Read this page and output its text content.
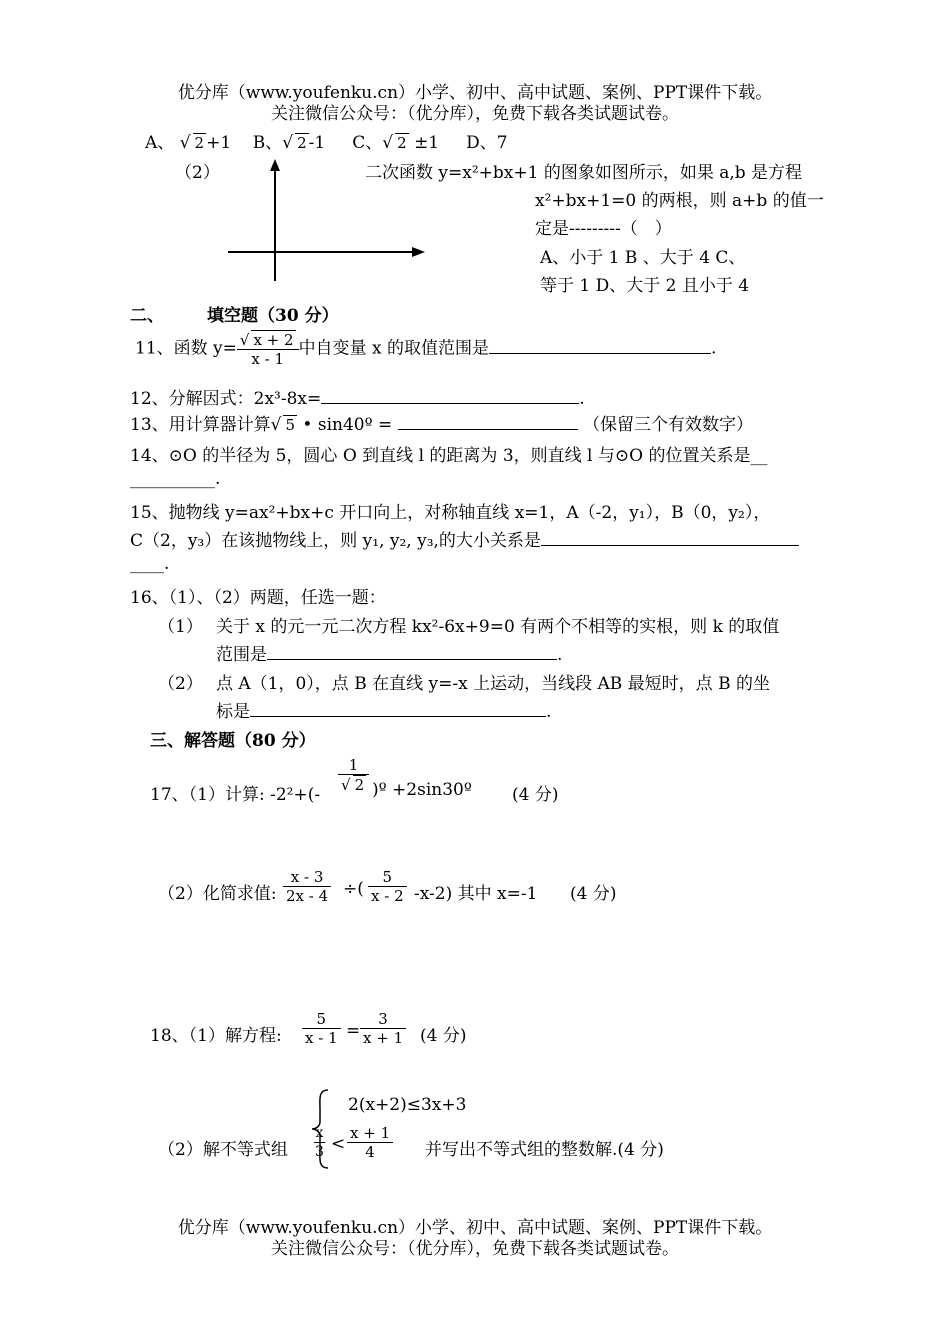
优分库（www.youfenku.cn）小学、初中、高中试题、案例、PPT课件下载。
关注微信公众号：（优分库），免费下载各类试题试卷。
A、 √ 2 +1 B、√ 2 -1 C、√ 2 ±1 D、7
（2）	二次函数 y=x²+bx+1 的图象如图所示，如果 a,b 是方程
x²+bx+1=0 的两根，则 a+b 的值一
定是---------（　）
A、小于 1 B 、大于 4 C、
等于 1 D、大于 2 且小于 4
二、	填空题（30 分）
11、函数 $y= \frac{√ x + 2}{x - 1}$ 中自变量 x 的取值范围是	.
12、分解因式：2x³-8x=	.
13、用计算器计算√ 5 • sin40º =	（保留三个有效数字）
14、⊙O 的半径为 5，圆心 O 到直线 l 的距离为 3，则直线 l 与⊙O 的位置关系是__
__________.
15、抛物线 y=ax²+bx+c 开口向上，对称轴直线 x=1，A（-2，y₁），B（0，y₂），
C（2，y₃）在该抛物线上，则 y₁, y₂, y₃,的大小关系是
____.
16、（1）、（2）两题，任选一题：
（1） 关于 x 的元一元二次方程 kx²-6x+9=0 有两个不相等的实根，则 k 的取值
范围是	.
（2） 点 A（1，0），点 B 在直线 y=-x 上运动，当线段 AB 最短时，点 B 的坐
标是	.
三、解答题（80 分）
17、（1）计算: -2²+(-
$\frac{1}{√ 2}$ )º +2sin30º (4 分)
（2）化简求值: $\frac{x - 3}{2x - 4}$ ÷( $\frac{5}{x - 2} -x-2$) 其中 x=-1 (4 分)
18、（1）解方程: $\frac{5}{x - 1} = \frac{3}{x + 1} (4$ 分)
2(x+2)≤3x+3
（2）解不等式组 $\frac{x}{3} < \frac{x + 1}{4}$ 并写出不等式组的整数解.(4 分)
优分库（www.youfenku.cn）小学、初中、高中试题、案例、PPT课件下载。
关注微信公众号：（优分库），免费下载各类试题试卷。
